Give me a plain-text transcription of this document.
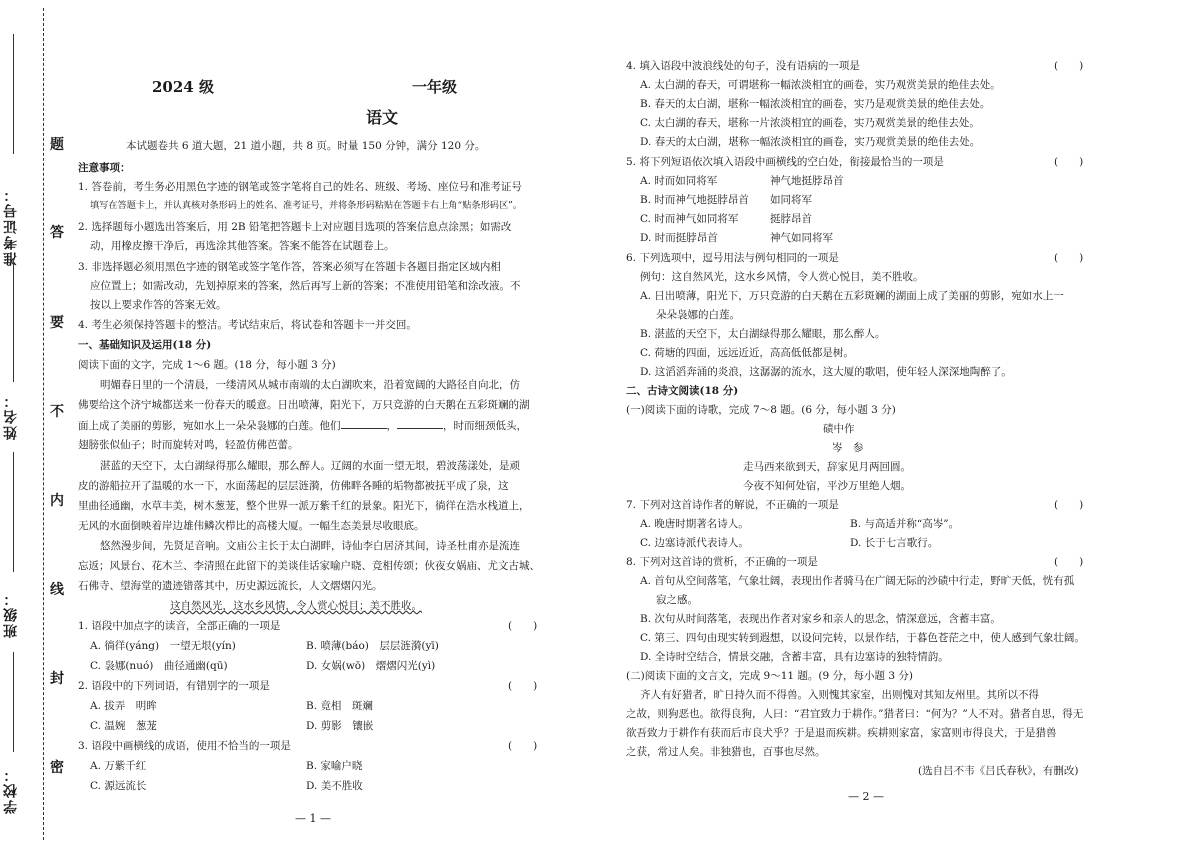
题
答
要
不
内
线
封
密
准考证号：
姓名：
班级：
学校：
2024 级	一年级
语文
本试题卷共 6 道大题，21 道小题，共 8 页。时量 150 分钟，满分 120 分。
注意事项：
1. 答卷前，考生务必用黑色字迹的钢笔或签字笔将自己的姓名、班级、考场、座位号和准考证号
填写在答题卡上，并认真核对条形码上的姓名、准考证号，并将条形码粘贴在答题卡右上角“贴条形码区”。
2. 选择题每小题选出答案后，用 2B 铅笔把答题卡上对应题目选项的答案信息点涂黑；如需改
动，用橡皮擦干净后，再选涂其他答案。答案不能答在试题卷上。
3. 非选择题必须用黑色字迹的钢笔或签字笔作答，答案必须写在答题卡各题目指定区域内相
应位置上；如需改动，先划掉原来的答案，然后再写上新的答案；不准使用铅笔和涂改液。不
按以上要求作答的答案无效。
4. 考生必须保持答题卡的整洁。考试结束后，将试卷和答题卡一并交回。
一、基础知识及运用(18 分)
阅读下面的文字，完成 1～6 题。(18 分，每小题 3 分)
明媚春日里的一个清晨，一缕清风从城市南端的太白湖吹来，沿着宽阔的大路径自向北，仿
佛要给这个济宁城都送来一份春天的暖意。日出喷薄，阳光下，万只竞游的白天鹅在五彩斑斓的湖
面上成了美丽的剪影，宛如水上一朵朵袅娜的白莲。他们	，	，时而细颈低头，
翅膀张似仙子；时而旋转对鸣，轻盈仿佛芭蕾。
湛蓝的天空下，太白湖绿得那么耀眼，那么醉人。辽阔的水面一望无垠，碧波荡漾处，是顽
皮的游船拉开了温暖的水一下，水面荡起的层层涟漪，仿佛畔各睡的垢物都被抚平成了泉，这
里曲径通幽，水草丰美，树木葱茏，整个世界一派万紫千红的景象。阳光下，徜徉在浩水栈道上，
无风的水面倒映着岸边雄伟鳞次栉比的高楼大厦。一幅生态美景尽收眼底。
悠然漫步间，先贤足音响。文庙公主长于太白湖畔，诗仙李白居济其间，诗圣杜甫亦是流连
忘返；风景台、花木兰、李清照在此留下的美谈佳话家喻户晓、竞相传颂；伙夜女娲庙、尤文古城、
石佛寺、望海堂的遗迹错落其中，历史源远流长，人文熠熠闪光。
这自然风光，这水乡风情，令人赏心悦目；美不胜收。
1. 语段中加点字的读音，全部正确的一项是	(　　)
A. 徜徉(yáng)　一望无垠(yín)	B. 喷薄(báo)　层层涟漪(yī)
C. 袅娜(nuó)　曲径通幽(qū)	D. 女娲(wō)　熠熠闪光(yì)
2. 语段中的下列词语，有错别字的一项是	(　　)
A. 拔弄　明眸	B. 竟相　斑斓
C. 温婉　葱茏	D. 剪影　镶嵌
3. 语段中画横线的成语，使用不恰当的一项是	(　　)
A. 万紫千红	B. 家喻户晓
C. 源远流长	D. 美不胜收
— 1 —
4. 填入语段中波浪线处的句子，没有语病的一项是	(　　)
A. 太白湖的春天，可谓堪称一幅浓淡相宜的画卷，实乃观赏美景的绝佳去处。
B. 春天的太白湖，堪称一幅浓淡相宜的画卷，实乃是观赏美景的绝佳去处。
C. 太白湖的春天，堪称一片浓淡相宜的画卷，实乃观赏美景的绝佳去处。
D. 春天的太白湖，堪称一幅浓淡相宜的画卷，实乃观赏美景的绝佳去处。
5. 将下列短语依次填入语段中画横线的空白处，衔接最恰当的一项是	(　　)
A. 时而如同将军	神气地挺脖昂首
B. 时而神气地挺脖昂首 如同将军
C. 时而神气如同将军	挺脖昂首
D. 时而挺脖昂首	神气如同将军
6. 下列选项中，逗号用法与例句相同的一项是	(　　)
例句：这自然风光，这水乡风情，令人赏心悦目，美不胜收。
A. 日出喷薄，阳光下，万只竞游的白天鹅在五彩斑斓的湖面上成了美丽的剪影，宛如水上一
朵朵袅娜的白莲。
B. 湛蓝的天空下，太白湖绿得那么耀眼，那么醉人。
C. 荷塘的四面，远远近近，高高低低都是树。
D. 这滔滔奔涌的炎浪，这潺潺的流水，这大厦的歌唱，使年轻人深深地陶醉了。
二、古诗文阅读(18 分)
(一)阅读下面的诗歌，完成 7～8 题。(6 分，每小题 3 分)
碛中作
岑　参
走马西来欲到天，辞家见月两回圆。
今夜不知何处宿，平沙万里绝人烟。
7. 下列对这首诗作者的解说，不正确的一项是	(　　)
A. 晚唐时期著名诗人。	B. 与高适并称“高岑”。
C. 边塞诗派代表诗人。	D. 长于七言歌行。
8. 下列对这首诗的赏析，不正确的一项是	(　　)
A. 首句从空间落笔，气象壮阔，表现出作者骑马在广阔无际的沙碛中行走，野旷天低，恍有孤
寂之感。
B. 次句从时间落笔，表现出作者对家乡和亲人的思念，情深意远，含蓄丰富。
C. 第三、四句由现实转到遐想，以设问完转，以景作结，于暮色苍茫之中，使人感到气象壮阔。
D. 全诗时空结合，情景交融，含蓄丰富，具有边塞诗的独特情韵。
(二)阅读下面的文言文，完成 9～11 题。(9 分，每小题 3 分)
齐人有好猎者，旷日持久而不得兽。入则愧其家室，出则愧对其知友州里。其所以不得
之故，则狗恶也。欲得良狗，人曰：“君宜致力于耕作。”猎者曰：“何为？”人不对。猎者自思，得无
欲吾致力于耕作有获而后市良犬乎？于是退而疾耕。疾耕则家富，家富则市得良犬，于是猎兽
之获，常过人矣。非独猎也，百事也尽然。
(选自吕不韦《吕氏春秋》，有删改)
— 2 —
